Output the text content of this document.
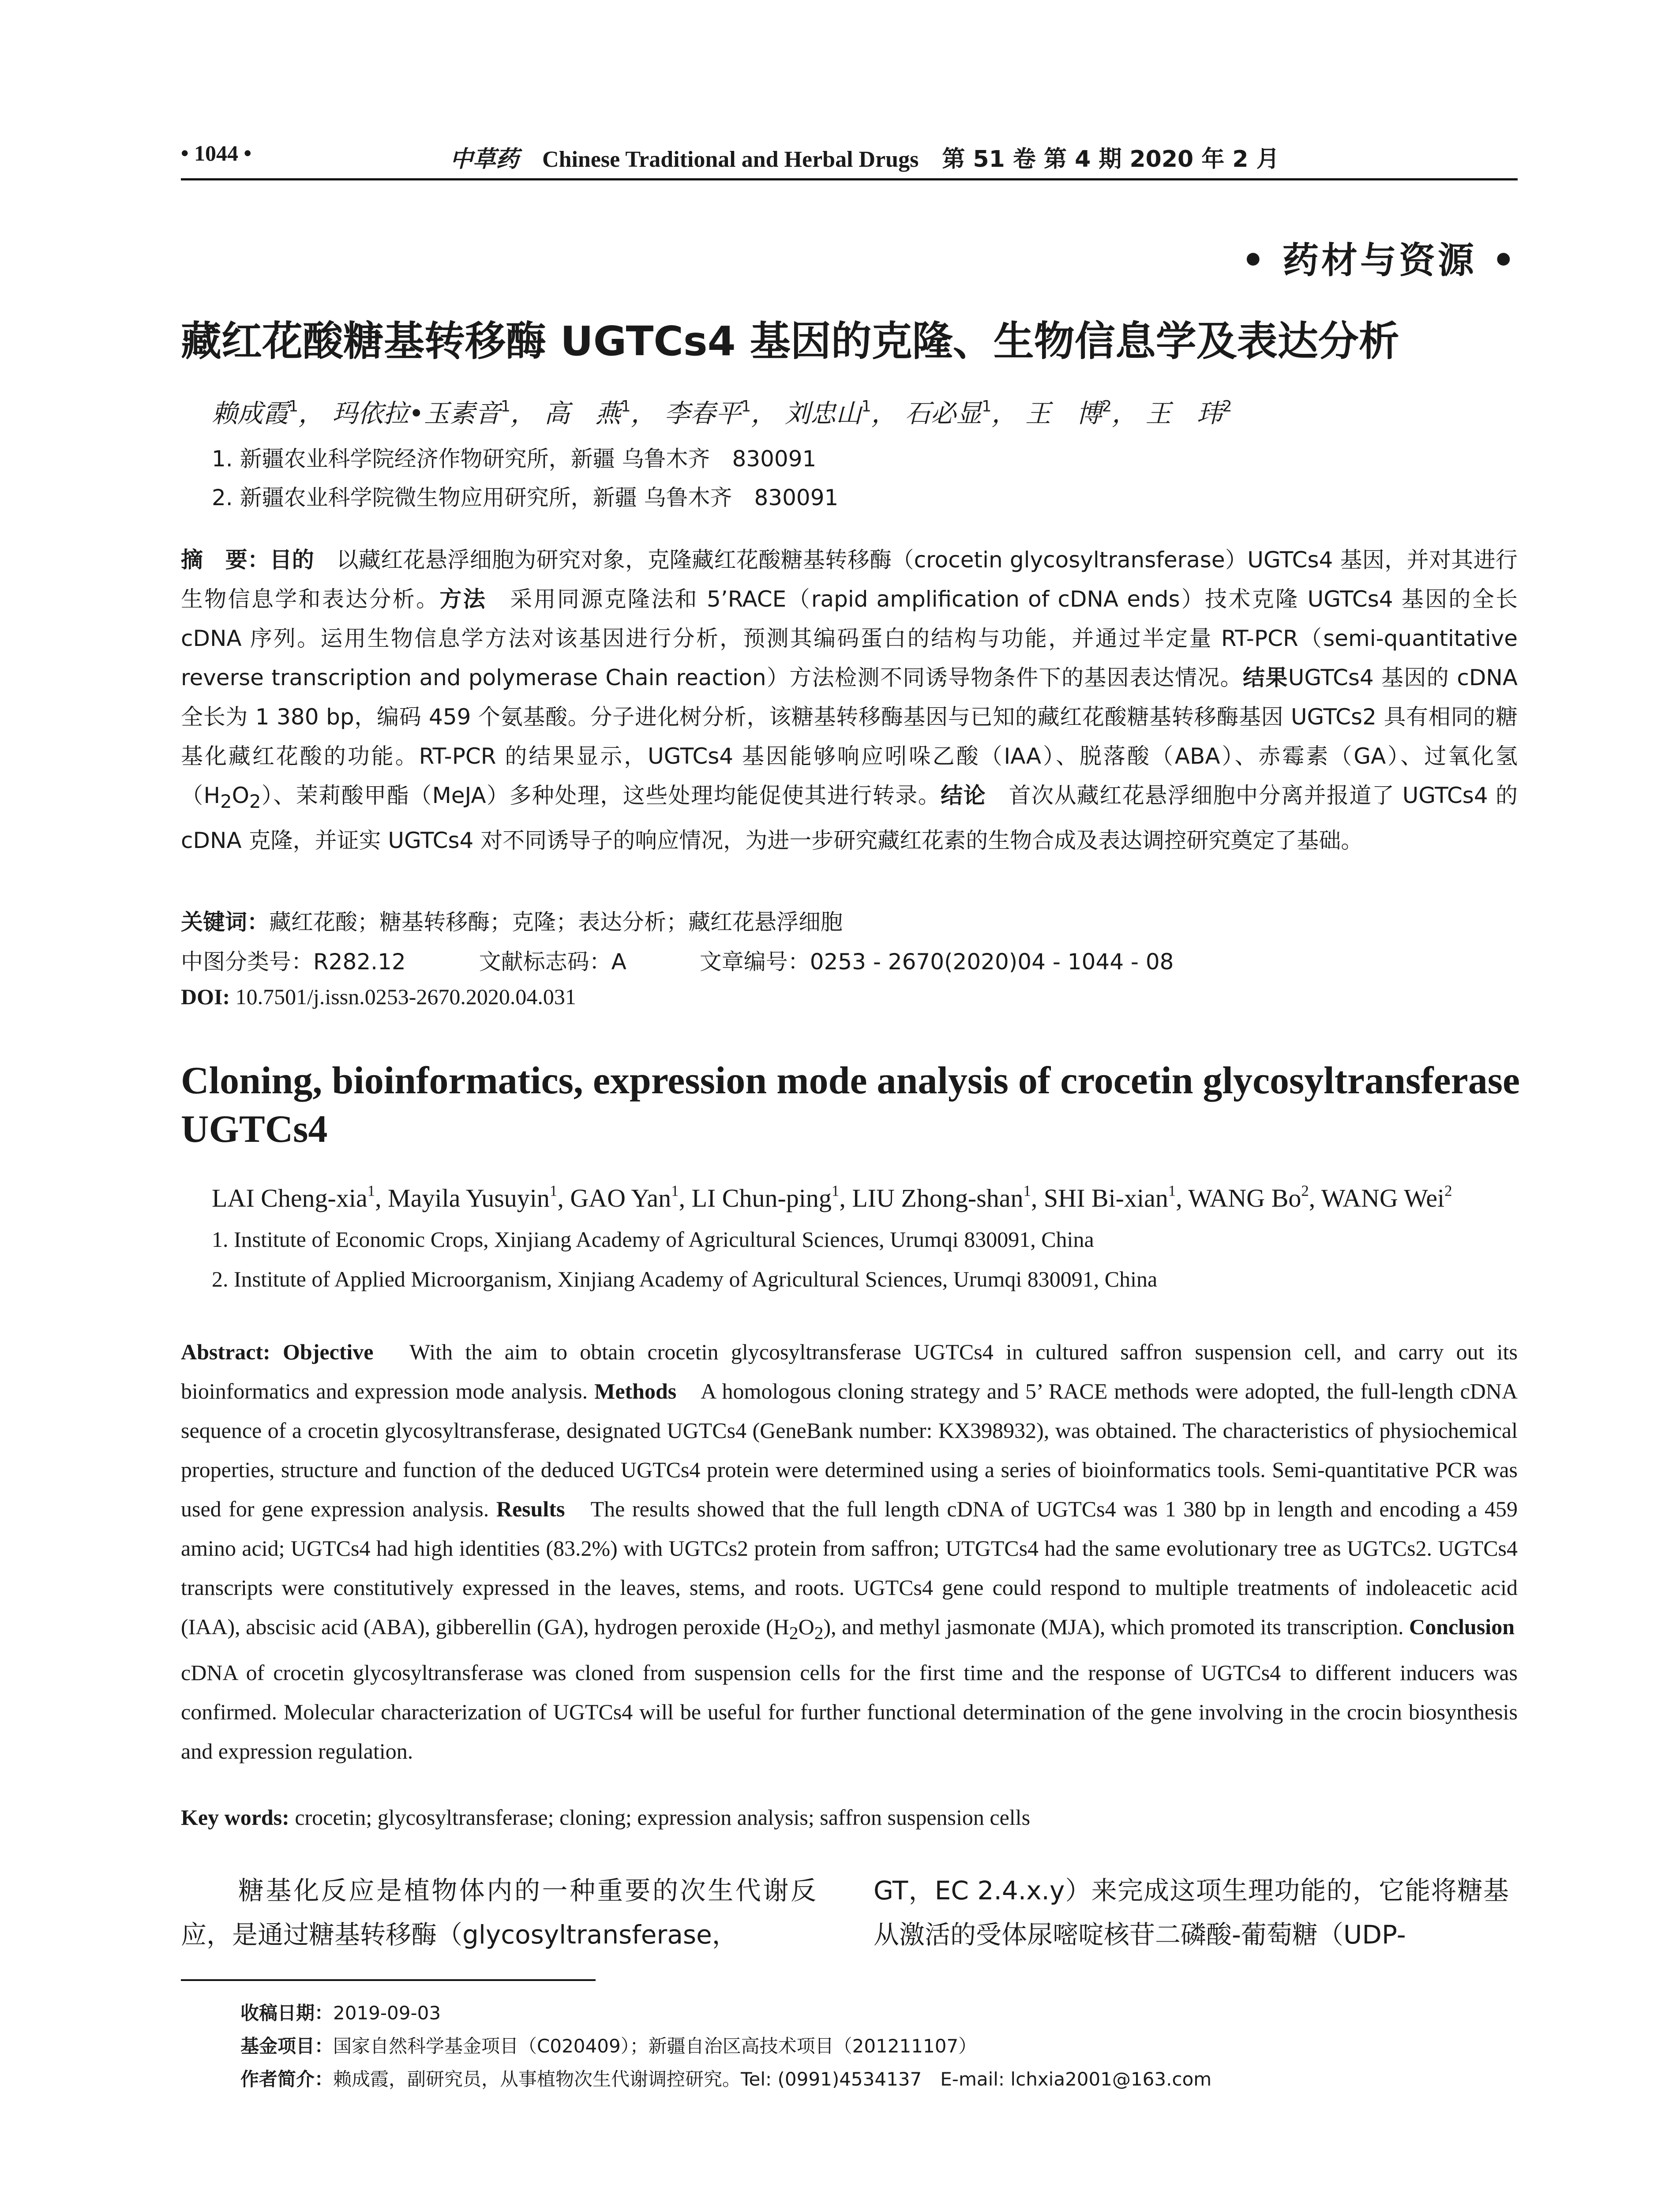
• 1044 •	中草药 Chinese Traditional and Herbal Drugs 第 51 卷 第 4 期 2020 年 2 月
• 药材与资源 •
藏红花酸糖基转移酶 UGTCs4 基因的克隆、生物信息学及表达分析
赖成霞$^1$， 玛依拉•玉素音$^1$， 高　燕$^1$， 李春平$^1$， 刘忠山$^1$， 石必显$^1$， 王　博$^2$， 王　玮$^2$
1. 新疆农业科学院经济作物研究所，新疆 乌鲁木齐　830091
2. 新疆农业科学院微生物应用研究所，新疆 乌鲁木齐　830091
摘　要：目的　以藏红花悬浮细胞为研究对象，克隆藏红花酸糖基转移酶（crocetin glycosyltransferase）UGTCs4 基因，并对其进行生物信息学和表达分析。方法　采用同源克隆法和 5’RACE（rapid amplification of cDNA ends）技术克隆 UGTCs4 基因的全长 cDNA 序列。运用生物信息学方法对该基因进行分析，预测其编码蛋白的结构与功能，并通过半定量 RT-PCR（semi-quantitative reverse transcription and polymerase Chain reaction）方法检测不同诱导物条件下的基因表达情况。结果UGTCs4 基因的 cDNA 全长为 1 380 bp，编码 459 个氨基酸。分子进化树分析，该糖基转移酶基因与已知的藏红花酸糖基转移酶基因 UGTCs2 具有相同的糖基化藏红花酸的功能。RT-PCR 的结果显示，UGTCs4 基因能够响应吲哚乙酸（IAA）、脱落酸（ABA）、赤霉素（GA）、过氧化氢$(H_2O_2)$、茉莉酸甲酯（MeJA）多种处理，这些处理均能促使其进行转录。结论　首次从藏红花悬浮细胞中分离并报道了 UGTCs4 的 cDNA 克隆，并证实 UGTCs4 对不同诱导子的响应情况，为进一步研究藏红花素的生物合成及表达调控研究奠定了基础。
关键词：藏红花酸；糖基转移酶；克隆；表达分析；藏红花悬浮细胞
中图分类号：R282.12	文献标志码：A	文章编号：0253 - 2670(2020)04 - 1044 - 08
DOI: 10.7501/j.issn.0253-2670.2020.04.031
Cloning, bioinformatics, expression mode analysis of crocetin glycosyltransferase UGTCs4
LAI Cheng-xia$^1$, Mayila Yusuyin$^1$, GAO Yan$^1$, LI Chun-ping$^1$, LIU Zhong-shan$^1$, SHI Bi-xian$^1$, WANG Bo$^2$, WANG Wei$^2$
1. Institute of Economic Crops, Xinjiang Academy of Agricultural Sciences, Urumqi 830091, China
2. Institute of Applied Microorganism, Xinjiang Academy of Agricultural Sciences, Urumqi 830091, China
Abstract: Objective　With the aim to obtain crocetin glycosyltransferase UGTCs4 in cultured saffron suspension cell, and carry out its bioinformatics and expression mode analysis. Methods　A homologous cloning strategy and 5’ RACE methods were adopted, the full-length cDNA sequence of a crocetin glycosyltransferase, designated UGTCs4 (GeneBank number: KX398932), was obtained. The characteristics of physiochemical properties, structure and function of the deduced UGTCs4 protein were determined using a series of bioinformatics tools. Semi-quantitative PCR was used for gene expression analysis. Results　The results showed that the full length cDNA of UGTCs4 was 1 380 bp in length and encoding a 459 amino acid; UGTCs4 had high identities (83.2%) with UGTCs2 protein from saffron; UTGTCs4 had the same evolutionary tree as UGTCs2. UGTCs4 transcripts were constitutively expressed in the leaves, stems, and roots. UGTCs4 gene could respond to multiple treatments of indoleacetic acid (IAA), abscisic acid (ABA), gibberellin (GA), hydrogen peroxide $(H_2O_2)$, and methyl jasmonate (MJA), which promoted its transcription. Conclusion　cDNA of crocetin glycosyltransferase was cloned from suspension cells for the first time and the response of UGTCs4 to different inducers was confirmed. Molecular characterization of UGTCs4 will be useful for further functional determination of the gene involving in the crocin biosynthesis and expression regulation.
Key words: crocetin; glycosyltransferase; cloning; expression analysis; saffron suspension cells
糖基化反应是植物体内的一种重要的次生代谢反应，是通过糖基转移酶（glycosyltransferase，
GT，EC 2.4.x.y）来完成这项生理功能的，它能将糖基从激活的受体尿嘧啶核苷二磷酸-葡萄糖（UDP-
收稿日期：2019-09-03
基金项目：国家自然科学基金项目（C020409）；新疆自治区高技术项目（201211107）
作者简介：赖成霞，副研究员，从事植物次生代谢调控研究。Tel: (0991)4534137　E-mail: lchxia2001@163.com
